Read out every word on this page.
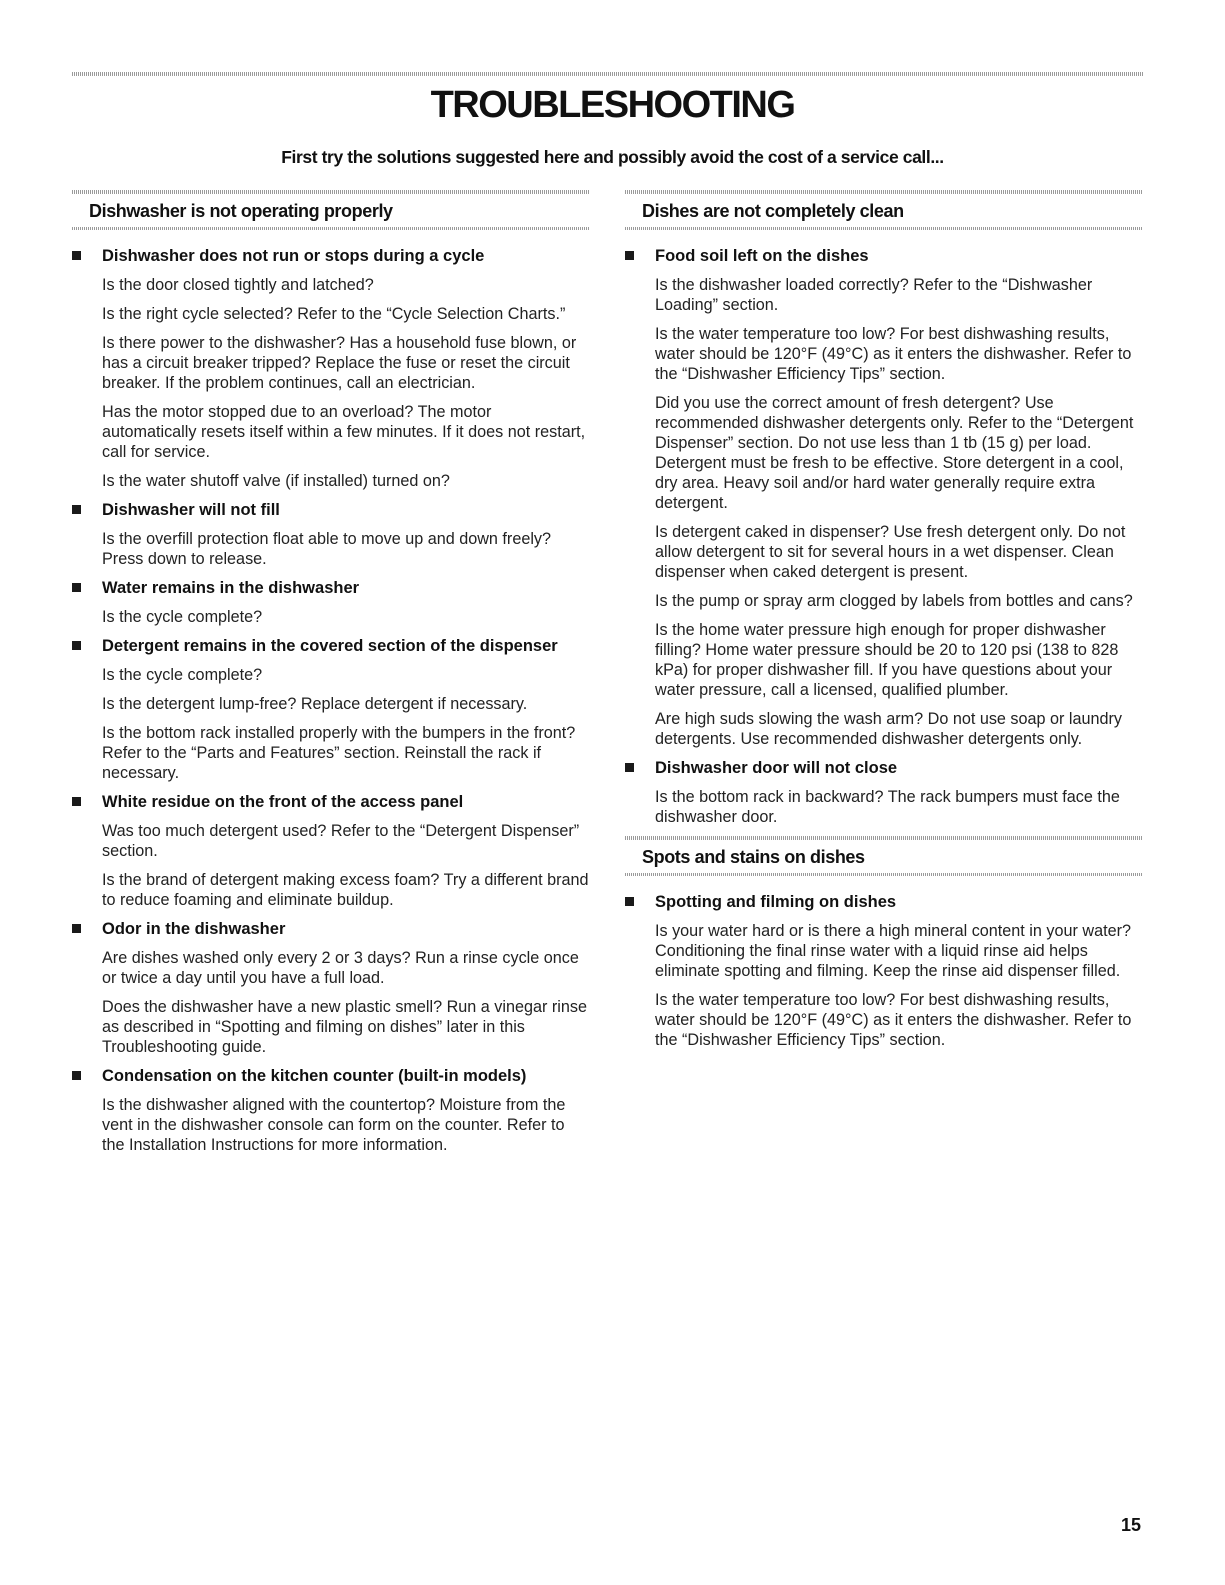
TROUBLESHOOTING

First try the solutions suggested here and possibly avoid the cost of a service call...

Dishwasher is not operating properly

Dishwasher does not run or stops during a cycle

Is the door closed tightly and latched?

Is the right cycle selected? Refer to the “Cycle Selection Charts.”

Is there power to the dishwasher? Has a household fuse blown, or has a circuit breaker tripped? Replace the fuse or reset the circuit breaker. If the problem continues, call an electrician.

Has the motor stopped due to an overload? The motor automatically resets itself within a few minutes. If it does not restart, call for service.

Is the water shutoff valve (if installed) turned on?

Dishwasher will not fill

Is the overfill protection float able to move up and down freely? Press down to release.

Water remains in the dishwasher

Is the cycle complete?

Detergent remains in the covered section of the dispenser

Is the cycle complete?

Is the detergent lump-free? Replace detergent if necessary.

Is the bottom rack installed properly with the bumpers in the front? Refer to the “Parts and Features” section. Reinstall the rack if necessary.

White residue on the front of the access panel

Was too much detergent used? Refer to the “Detergent Dispenser” section.

Is the brand of detergent making excess foam? Try a different brand to reduce foaming and eliminate buildup.

Odor in the dishwasher

Are dishes washed only every 2 or 3 days? Run a rinse cycle once or twice a day until you have a full load.

Does the dishwasher have a new plastic smell? Run a vinegar rinse as described in “Spotting and filming on dishes” later in this Troubleshooting guide.

Condensation on the kitchen counter (built-in models)

Is the dishwasher aligned with the countertop? Moisture from the vent in the dishwasher console can form on the counter. Refer to the Installation Instructions for more information.

Dishes are not completely clean

Food soil left on the dishes

Is the dishwasher loaded correctly? Refer to the “Dishwasher Loading” section.

Is the water temperature too low? For best dishwashing results, water should be 120°F (49°C) as it enters the dishwasher. Refer to the “Dishwasher Efficiency Tips” section.

Did you use the correct amount of fresh detergent? Use recommended dishwasher detergents only. Refer to the “Detergent Dispenser” section. Do not use less than 1 tb (15 g) per load. Detergent must be fresh to be effective. Store detergent in a cool, dry area. Heavy soil and/or hard water generally require extra detergent.

Is detergent caked in dispenser? Use fresh detergent only. Do not allow detergent to sit for several hours in a wet dispenser. Clean dispenser when caked detergent is present.

Is the pump or spray arm clogged by labels from bottles and cans?

Is the home water pressure high enough for proper dishwasher filling? Home water pressure should be 20 to 120 psi (138 to 828 kPa) for proper dishwasher fill. If you have questions about your water pressure, call a licensed, qualified plumber.

Are high suds slowing the wash arm? Do not use soap or laundry detergents. Use recommended dishwasher detergents only.

Dishwasher door will not close

Is the bottom rack in backward? The rack bumpers must face the dishwasher door.

Spots and stains on dishes

Spotting and filming on dishes

Is your water hard or is there a high mineral content in your water? Conditioning the final rinse water with a liquid rinse aid helps eliminate spotting and filming. Keep the rinse aid dispenser filled.

Is the water temperature too low? For best dishwashing results, water should be 120°F (49°C) as it enters the dishwasher. Refer to the “Dishwasher Efficiency Tips” section.

15
